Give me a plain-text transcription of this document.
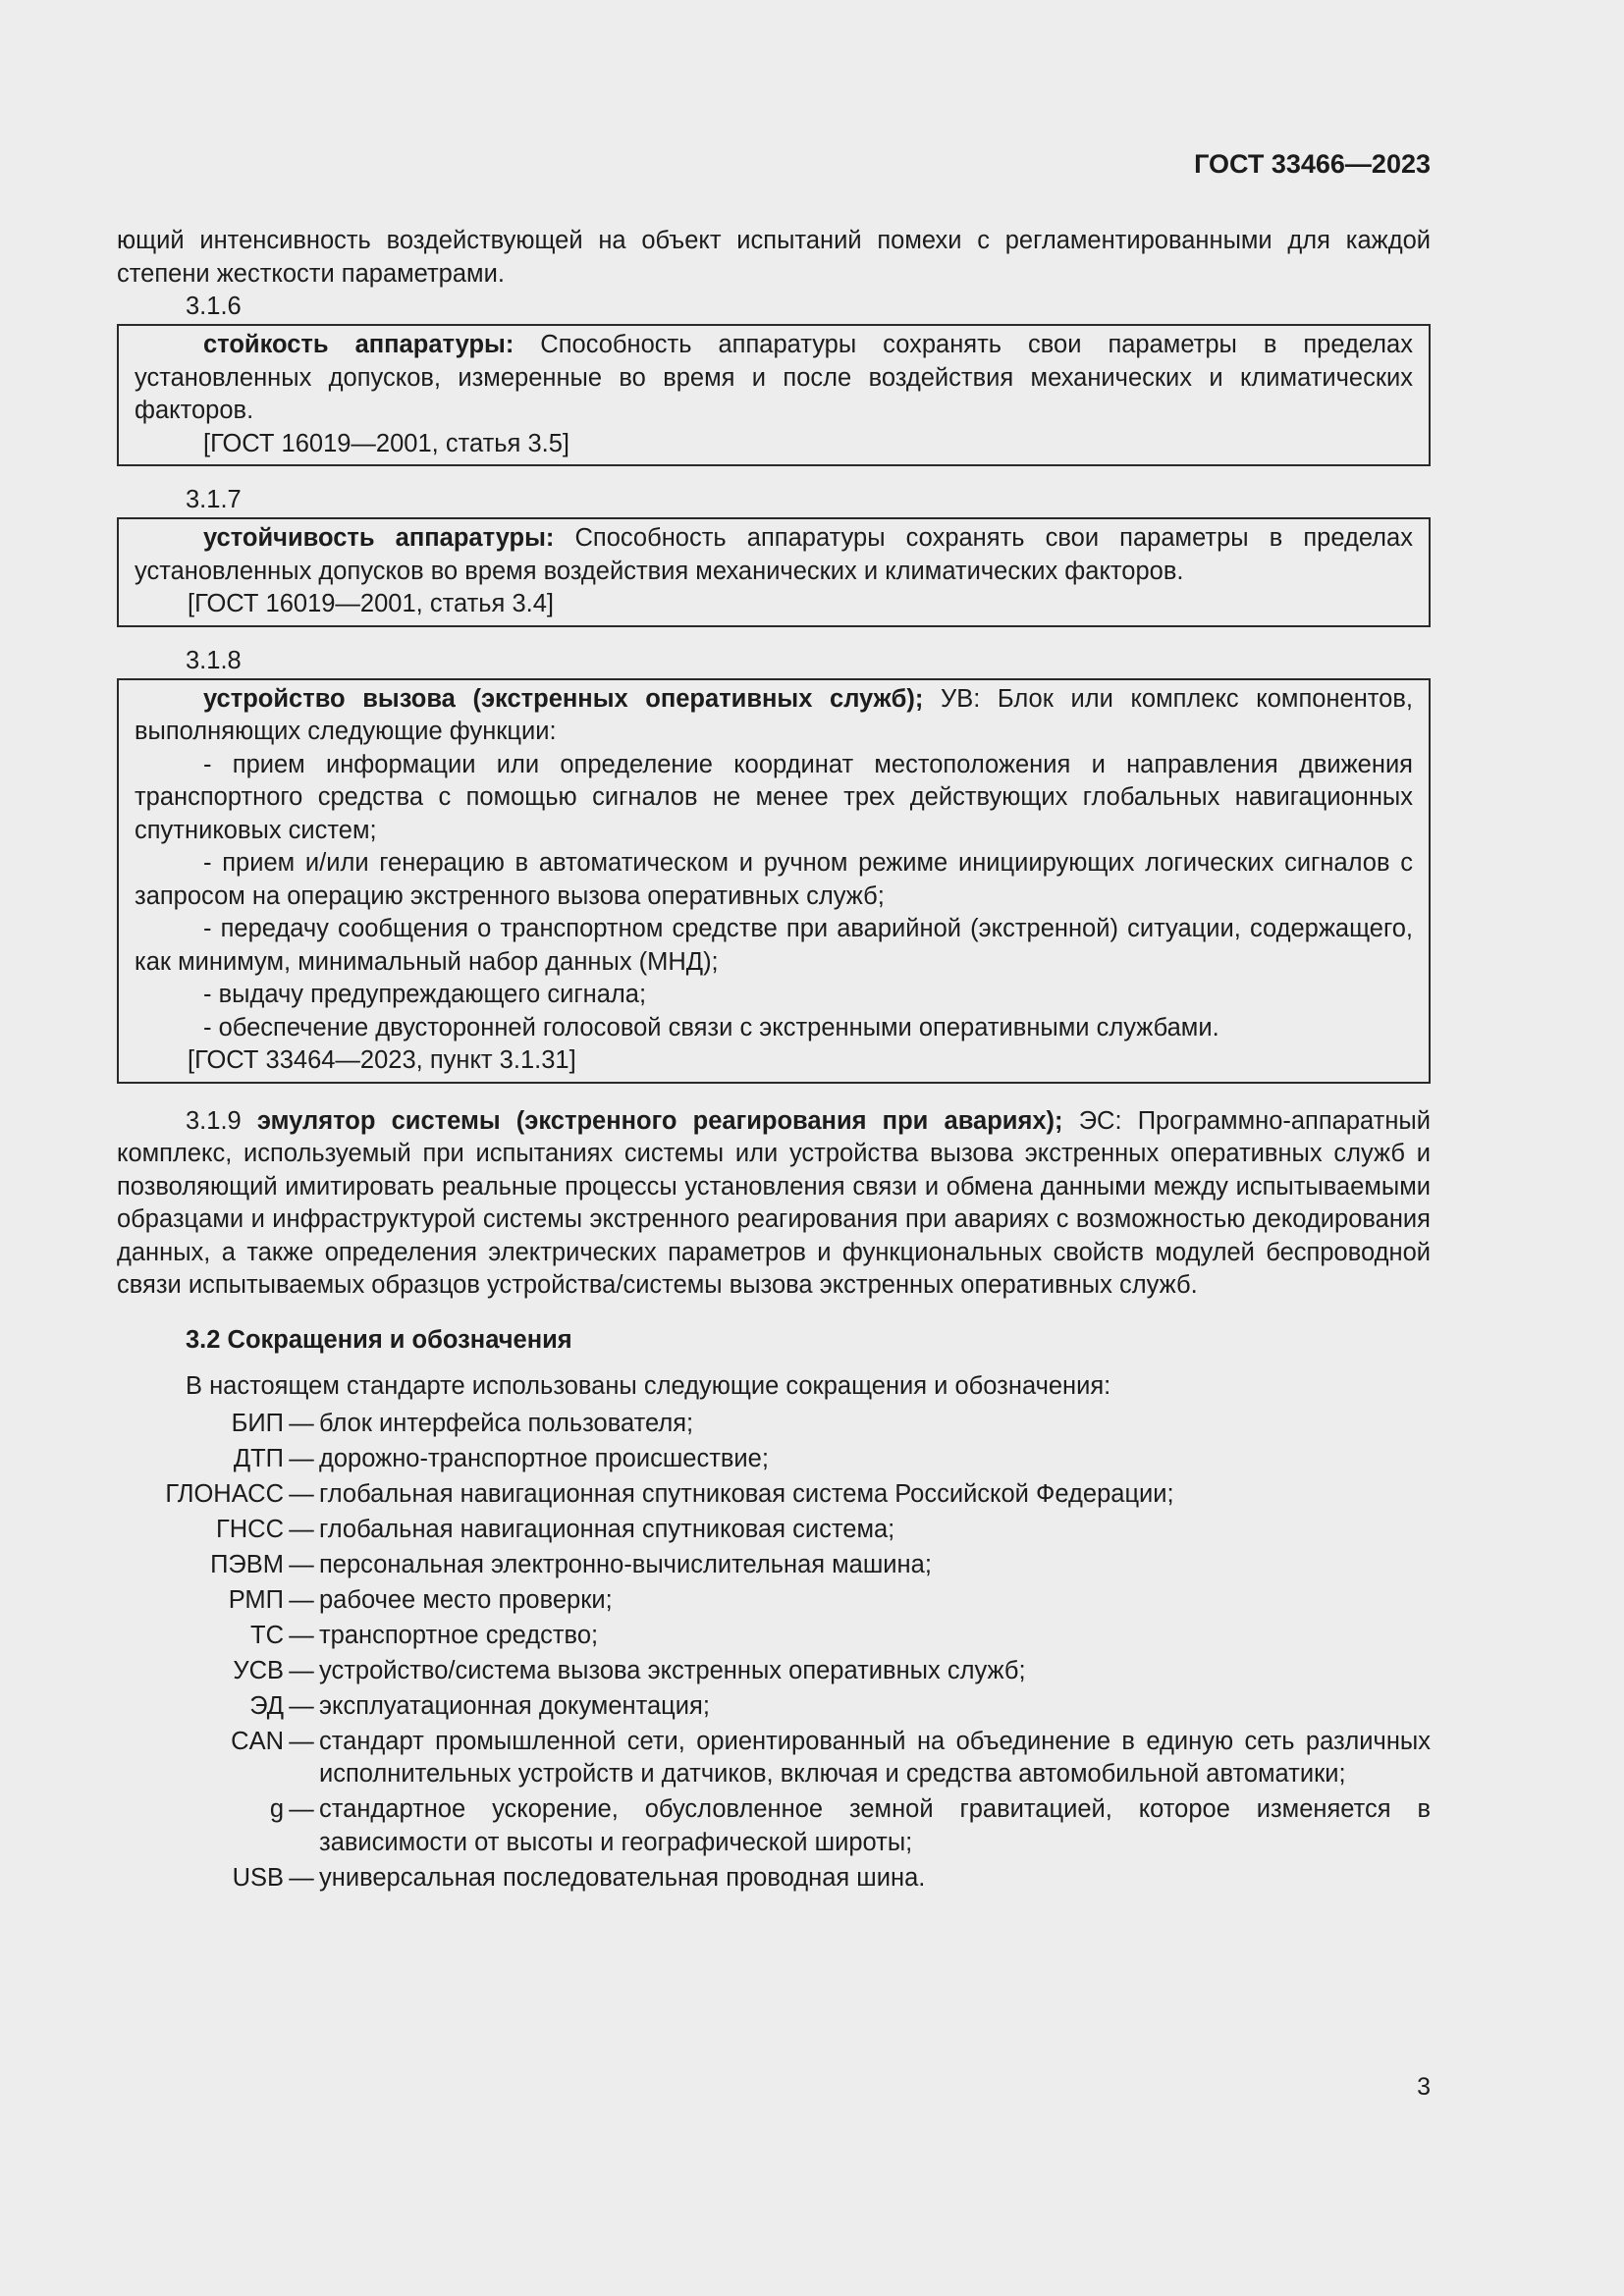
ГОСТ 33466—2023

ющий интенсивность воздействующей на объект испытаний помехи с регламентированными для каждой степени жесткости параметрами.

3.1.6

стойкость аппаратуры: Способность аппаратуры сохранять свои параметры в пределах установленных допусков, измеренные во время и после воздействия механических и климатических факторов.

[ГОСТ 16019—2001, статья 3.5]

3.1.7

устойчивость аппаратуры: Способность аппаратуры сохранять свои параметры в пределах установленных допусков во время воздействия механических и климатических факторов.

[ГОСТ 16019—2001, статья 3.4]

3.1.8

устройство вызова (экстренных оперативных служб); УВ: Блок или комплекс компонентов, выполняющих следующие функции:

- прием информации или определение координат местоположения и направления движения транспортного средства с помощью сигналов не менее трех действующих глобальных навигационных спутниковых систем;

- прием и/или генерацию в автоматическом и ручном режиме инициирующих логических сигналов с запросом на операцию экстренного вызова оперативных служб;

- передачу сообщения о транспортном средстве при аварийной (экстренной) ситуации, содержащего, как минимум, минимальный набор данных (МНД);

- выдачу предупреждающего сигнала;

- обеспечение двусторонней голосовой связи с экстренными оперативными службами.

[ГОСТ 33464—2023, пункт 3.1.31]

3.1.9 эмулятор системы (экстренного реагирования при авариях); ЭС: Программно-аппаратный комплекс, используемый при испытаниях системы или устройства вызова экстренных оперативных служб и позволяющий имитировать реальные процессы установления связи и обмена данными между испытываемыми образцами и инфраструктурой системы экстренного реагирования при авариях с возможностью декодирования данных, а также определения электрических параметров и функциональных свойств модулей беспроводной связи испытываемых образцов устройства/системы вызова экстренных оперативных служб.

3.2 Сокращения и обозначения
В настоящем стандарте использованы следующие сокращения и обозначения:
БИП	—	блок интерфейса пользователя;
ДТП	—	дорожно-транспортное происшествие;
ГЛОНАСС	—	глобальная навигационная спутниковая система Российской Федерации;
ГНСС	—	глобальная навигационная спутниковая система;
ПЭВМ	—	персональная электронно-вычислительная машина;
РМП	—	рабочее место проверки;
ТС	—	транспортное средство;
УСВ	—	устройство/система вызова экстренных оперативных служб;
ЭД	—	эксплуатационная документация;
CAN	—	стандарт промышленной сети, ориентированный на объединение в единую сеть различных исполнительных устройств и датчиков, включая и средства автомобильной автоматики;
g	—	стандартное ускорение, обусловленное земной гравитацией, которое изменяется в зависимости от высоты и географической широты;
USB	—	универсальная последовательная проводная шина.
3
